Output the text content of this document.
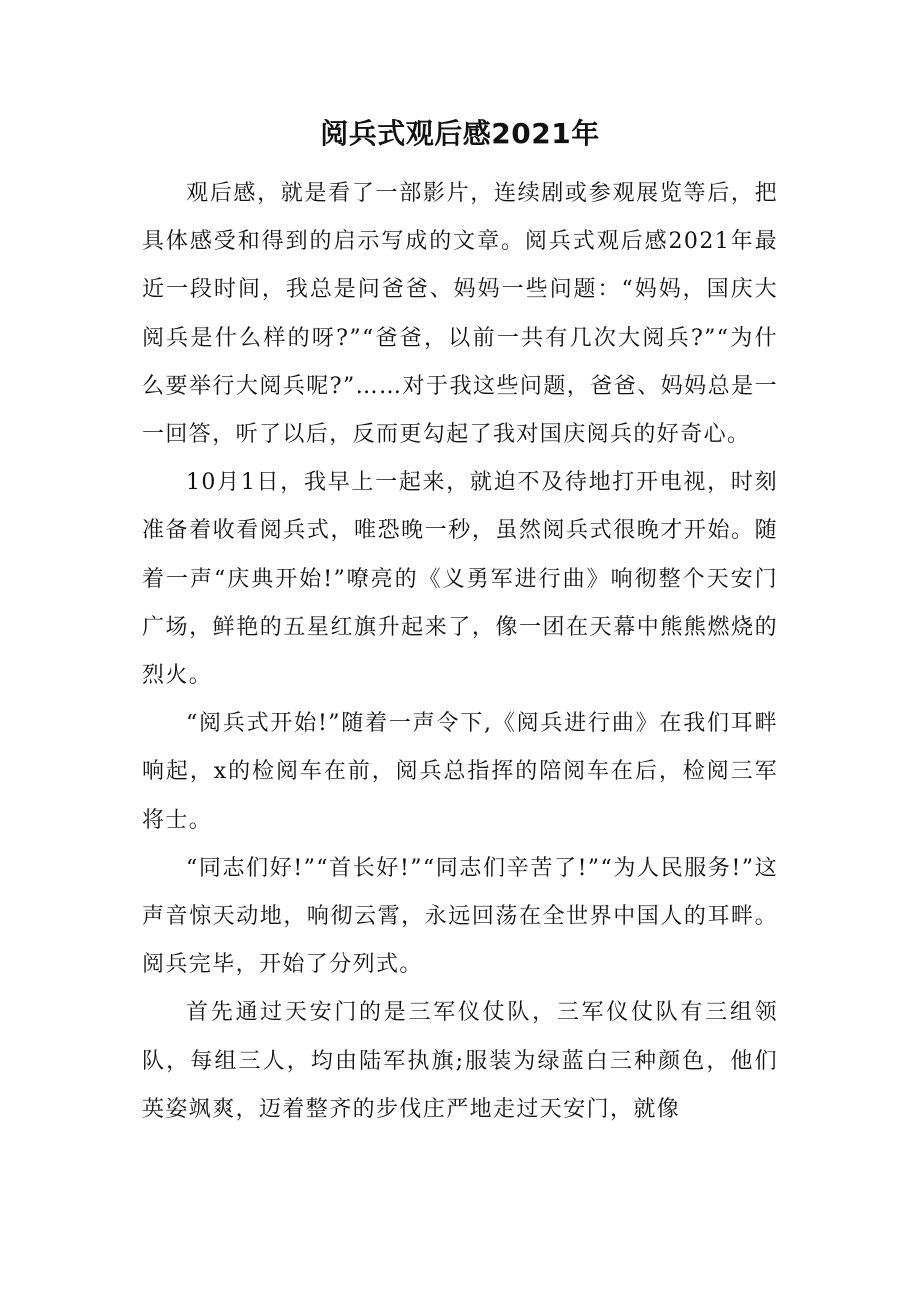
阅兵式观后感2021年

观后感，就是看了一部影片，连续剧或参观展览等后，把具体感受和得到的启示写成的文章。阅兵式观后感2021年最近一段时间，我总是问爸爸、妈妈一些问题：“妈妈，国庆大阅兵是什么样的呀?”“爸爸，以前一共有几次大阅兵?”“为什么要举行大阅兵呢?”……对于我这些问题，爸爸、妈妈总是一一回答，听了以后，反而更勾起了我对国庆阅兵的好奇心。

10月1日，我早上一起来，就迫不及待地打开电视，时刻准备着收看阅兵式，唯恐晚一秒，虽然阅兵式很晚才开始。随着一声“庆典开始!”嘹亮的《义勇军进行曲》响彻整个天安门广场，鲜艳的五星红旗升起来了，像一团在天幕中熊熊燃烧的烈火。

“阅兵式开始!”随着一声令下,《阅兵进行曲》在我们耳畔响起，x的检阅车在前，阅兵总指挥的陪阅车在后，检阅三军将士。

“同志们好!”“首长好!”“同志们辛苦了!”“为人民服务!”这声音惊天动地，响彻云霄，永远回荡在全世界中国人的耳畔。阅兵完毕，开始了分列式。

首先通过天安门的是三军仪仗队，三军仪仗队有三组领队，每组三人，均由陆军执旗;服装为绿蓝白三种颜色，他们英姿飒爽，迈着整齐的步伐庄严地走过天安门，就像
